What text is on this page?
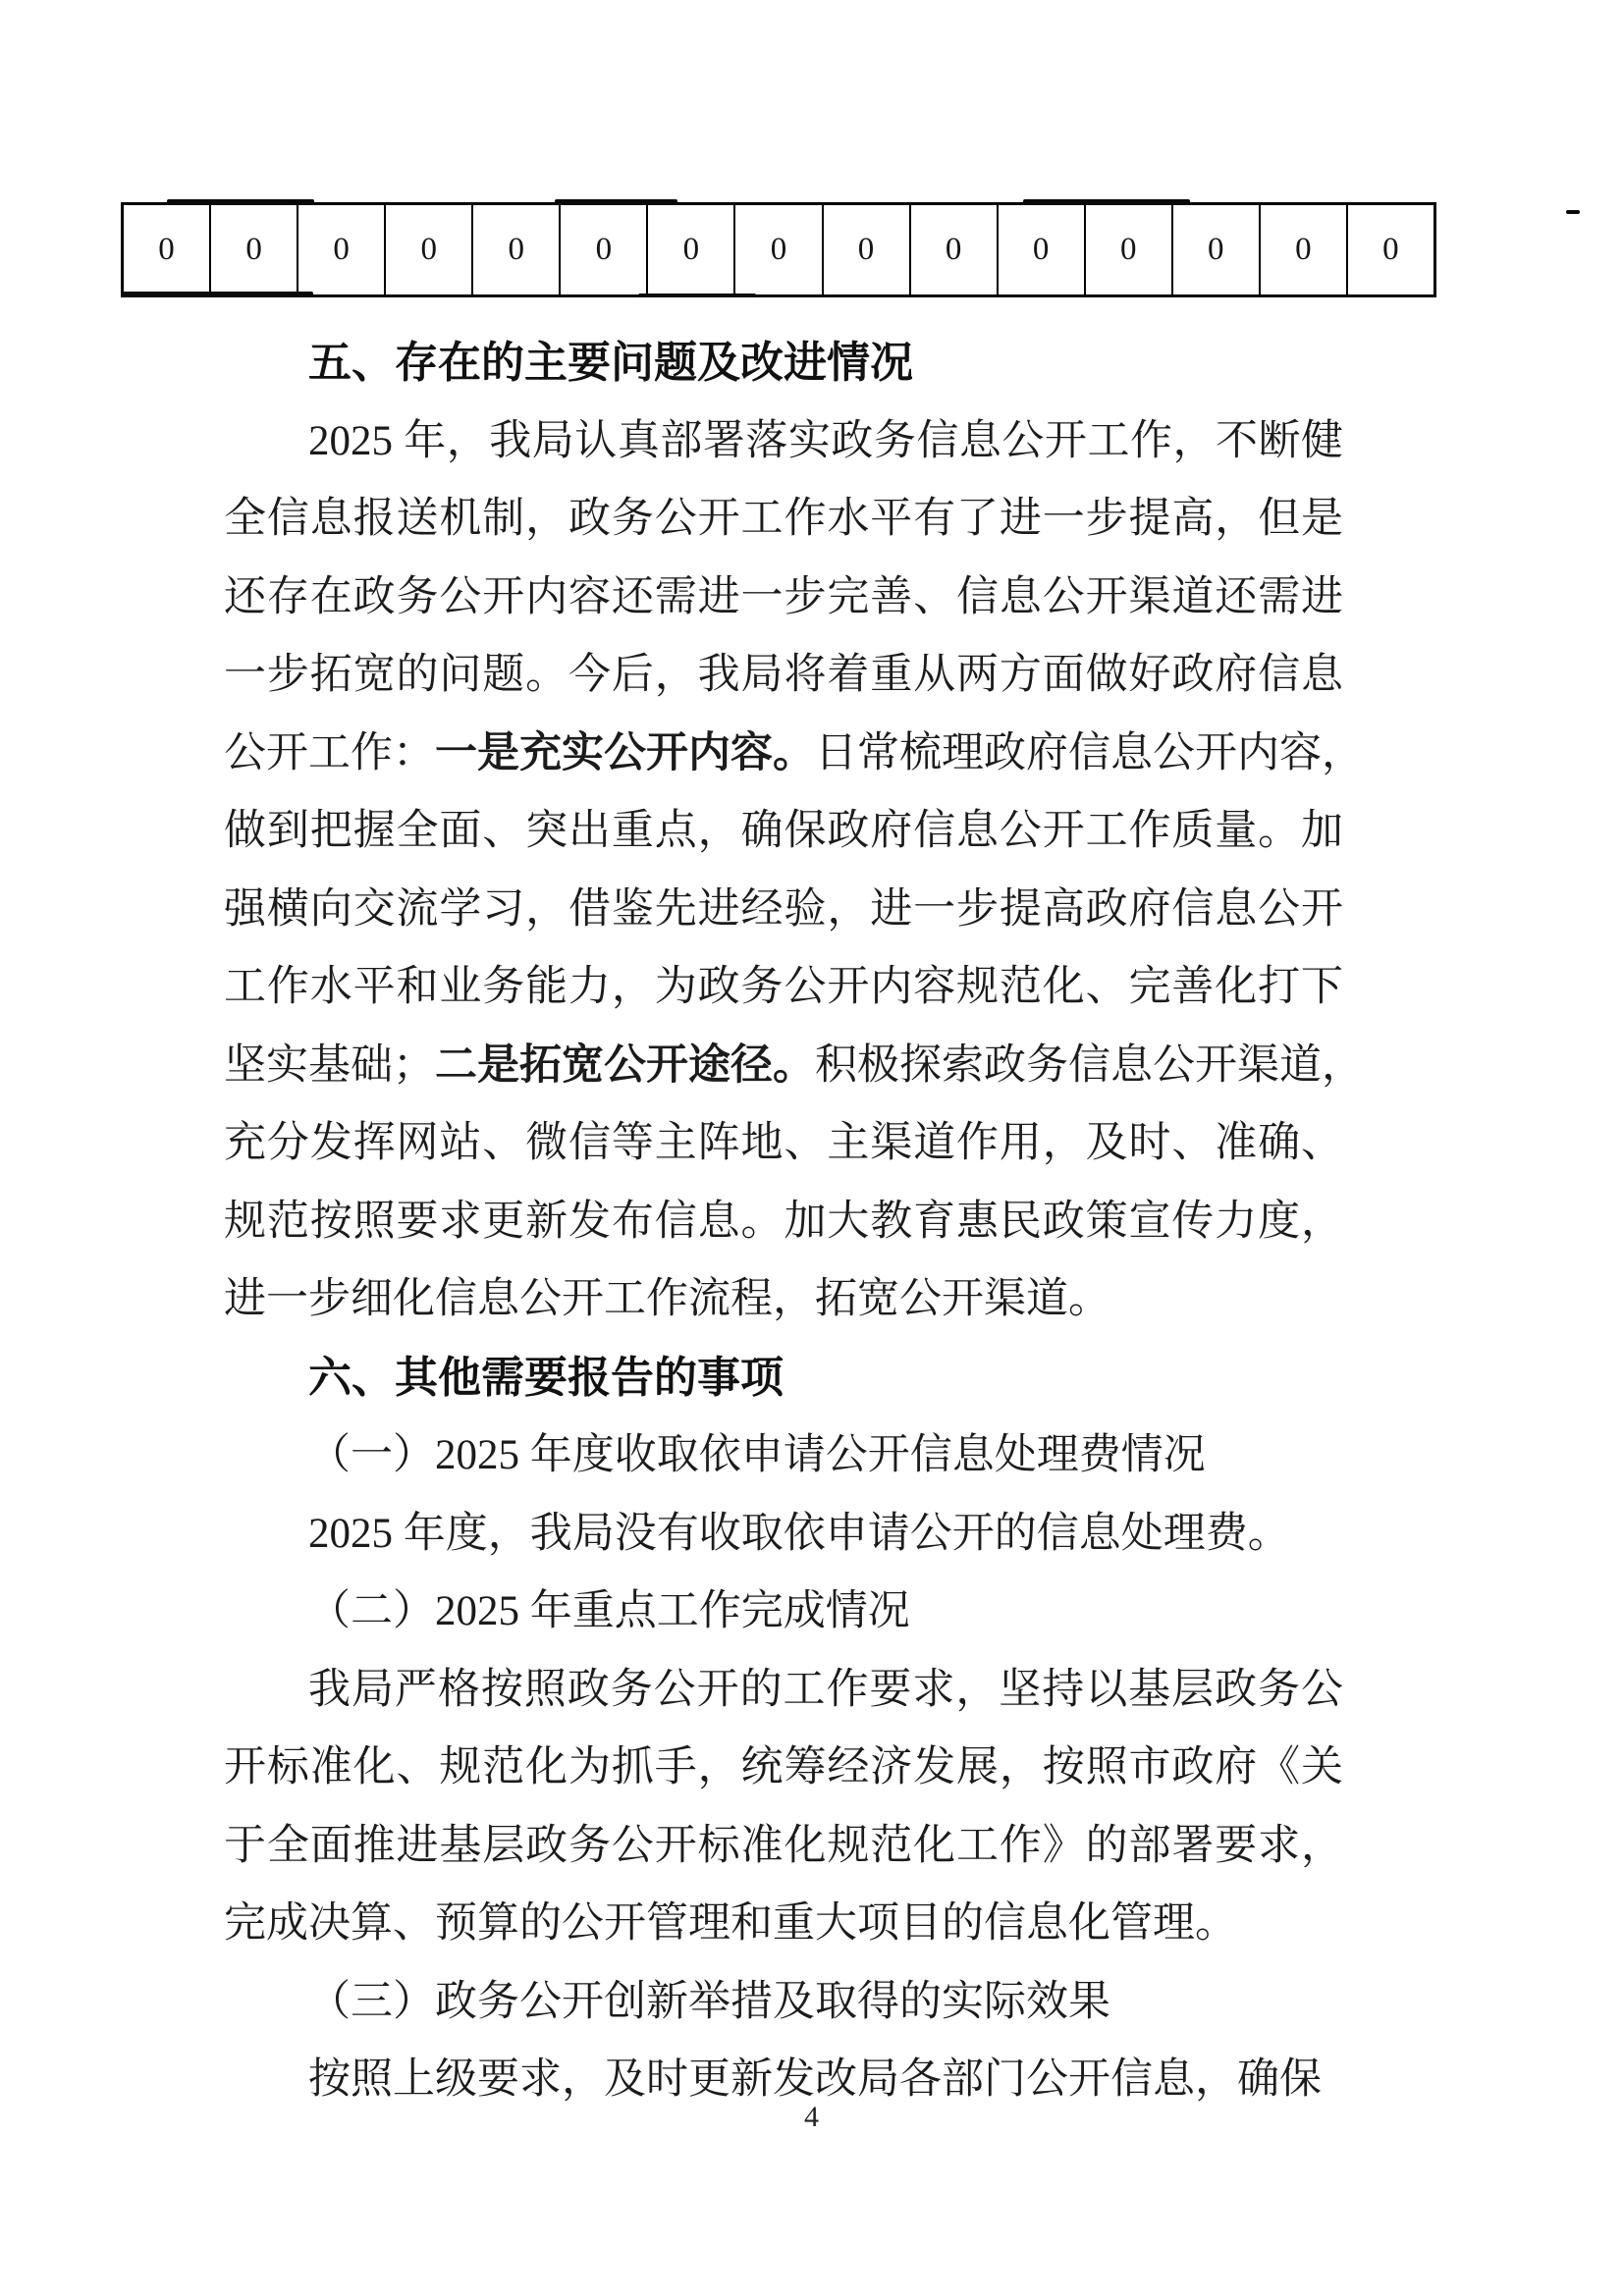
0	0	0	0	0	0	0	0	0	0	0	0	0	0	0
五、存在的主要问题及改进情况
2025 年，我局认真部署落实政务信息公开工作，不断健
全信息报送机制，政务公开工作水平有了进一步提高，但是
还存在政务公开内容还需进一步完善、信息公开渠道还需进
一步拓宽的问题。今后，我局将着重从两方面做好政府信息
公开工作：一是充实公开内容。日常梳理政府信息公开内容，
做到把握全面、突出重点，确保政府信息公开工作质量。加
强横向交流学习，借鉴先进经验，进一步提高政府信息公开
工作水平和业务能力，为政务公开内容规范化、完善化打下
坚实基础；二是拓宽公开途径。积极探索政务信息公开渠道，
充分发挥网站、微信等主阵地、主渠道作用，及时、准确、
规范按照要求更新发布信息。加大教育惠民政策宣传力度，
进一步细化信息公开工作流程，拓宽公开渠道。
六、其他需要报告的事项
（一）2025 年度收取依申请公开信息处理费情况
2025 年度，我局没有收取依申请公开的信息处理费。
（二）2025 年重点工作完成情况
我局严格按照政务公开的工作要求，坚持以基层政务公
开标准化、规范化为抓手，统筹经济发展，按照市政府《关
于全面推进基层政务公开标准化规范化工作》的部署要求，
完成决算、预算的公开管理和重大项目的信息化管理。
（三）政务公开创新举措及取得的实际效果
按照上级要求，及时更新发改局各部门公开信息，确保
4
